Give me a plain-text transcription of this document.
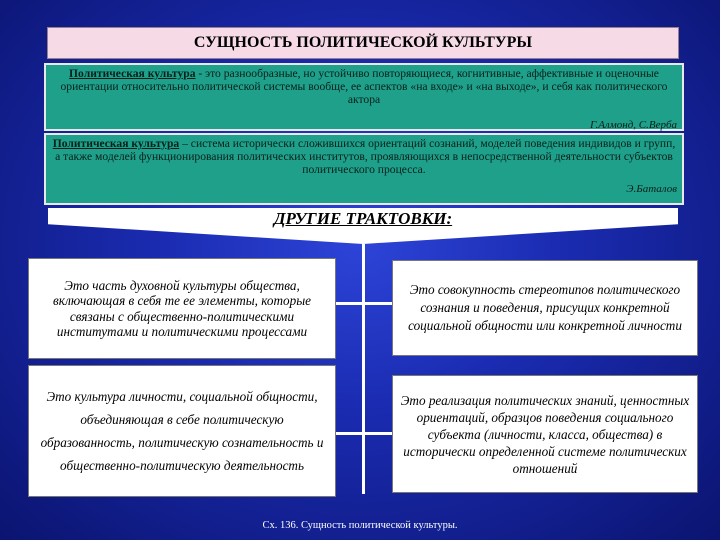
СУЩНОСТЬ ПОЛИТИЧЕСКОЙ КУЛЬТУРЫ
Политическая культура - это разнообразные, но устойчиво повторяющиеся, когнитивные, аффективные и оценочные ориентации относительно политической системы вообще, ее аспектов «на входе» и «на выходе», и себя как политического актора
Г.Алмонд, С.Верба
Политическая культура – система исторически сложившихся ориентаций сознаний, моделей поведения индивидов и групп, а также моделей функционирования политических институтов, проявляющихся в непосредственной деятельности субъектов политического процесса.
Э.Баталов
ДРУГИЕ ТРАКТОВКИ:
Это часть духовной культуры общества, включающая в себя те ее элементы, которые связаны с общественно-политическими институтами и политическими процессами
Это совокупность стереотипов политического сознания и поведения, присущих конкретной социальной общности или конкретной личности
Это культура личности, социальной общности, объединяющая в себе политическую образованность, политическую сознательность и общественно-политическую деятельность
Это реализация политических знаний, ценностных ориентаций, образцов поведения социального субъекта (личности, класса, общества) в исторически определенной системе политических отношений
Сх. 136. Сущность политической культуры.
